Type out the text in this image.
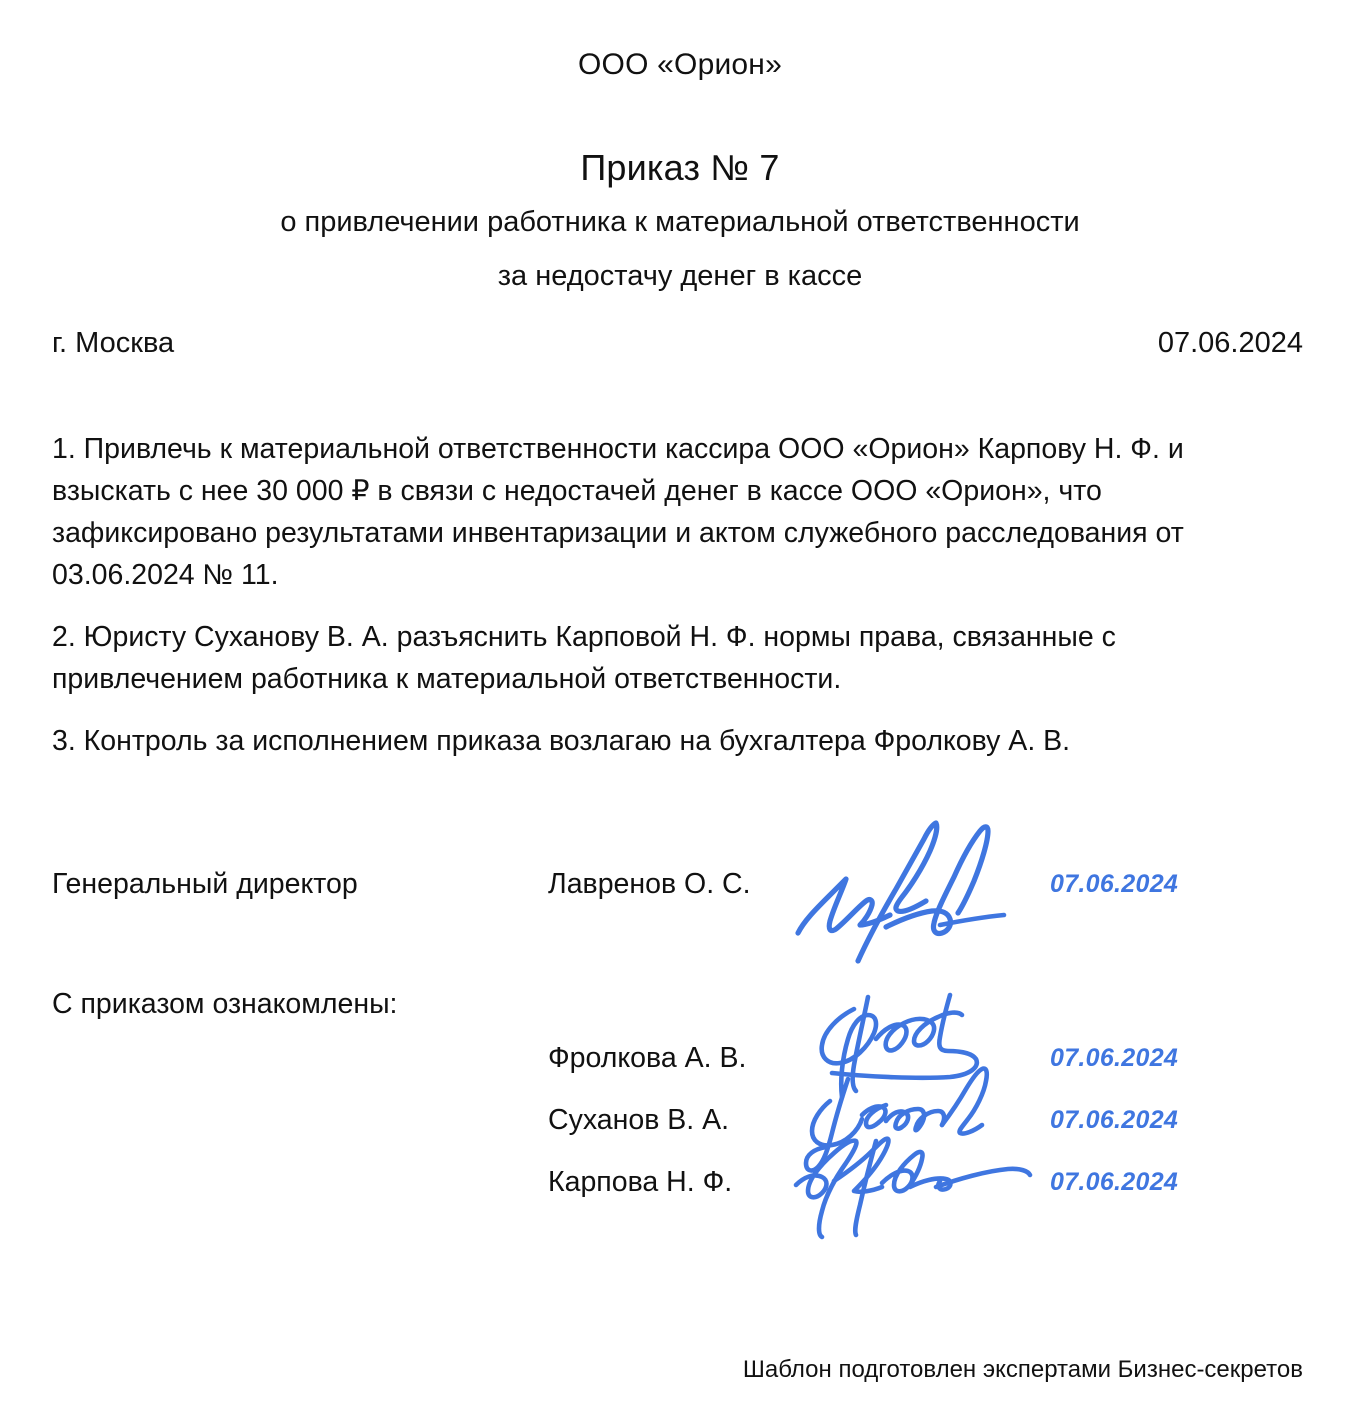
ООО «Орион»
Приказ № 7
о привлечении работника к материальной ответственности
за недостачу денег в кассе
г. Москва	07.06.2024

1. Привлечь к материальной ответственности кассира ООО «Орион» Карпову Н. Ф. и взыскать с нее 30 000 ₽ в связи с недостачей денег в кассе ООО «Орион», что зафиксировано результатами инвентаризации и актом служебного расследования от 03.06.2024 № 11.

2. Юристу Суханову В. А. разъяснить Карповой Н. Ф. нормы права, связанные с привлечением работника к материальной ответственности.

3. Контроль за исполнением приказа возлагаю на бухгалтера Фролкову А. В.

Генеральный директор	Лавренов О. С.	07.06.2024
С приказом ознакомлены:
Фролкова А. В.	07.06.2024
Суханов В. А.	07.06.2024
Карпова Н. Ф.	07.06.2024
Шаблон подготовлен экспертами Бизнес-секретов
